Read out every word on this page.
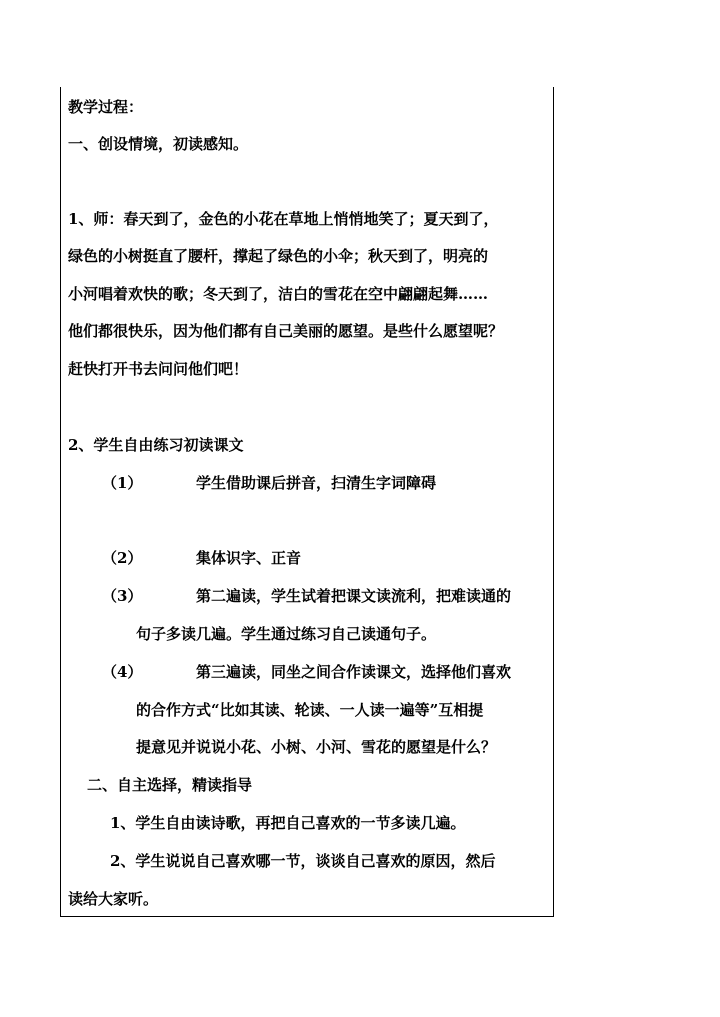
教学过程：
一、创设情境，初读感知。
1、师：春天到了，金色的小花在草地上悄悄地笑了；夏天到了，
绿色的小树挺直了腰杆，撑起了绿色的小伞；秋天到了，明亮的
小河唱着欢快的歌；冬天到了，洁白的雪花在空中翩翩起舞……
他们都很快乐，因为他们都有自己美丽的愿望。是些什么愿望呢？
赶快打开书去问问他们吧！
2、学生自由练习初读课文
（1）	学生借助课后拼音，扫清生字词障碍
（2）	集体识字、正音
（3）	第二遍读，学生试着把课文读流利，把难读通的
句子多读几遍。学生通过练习自己读通句子。
（4）	第三遍读，同坐之间合作读课文，选择他们喜欢
的合作方式“比如其读、轮读、一人读一遍等”互相提
提意见并说说小花、小树、小河、雪花的愿望是什么？
二、自主选择，精读指导
1、学生自由读诗歌，再把自己喜欢的一节多读几遍。
2、学生说说自己喜欢哪一节，谈谈自己喜欢的原因，然后
读给大家听。
